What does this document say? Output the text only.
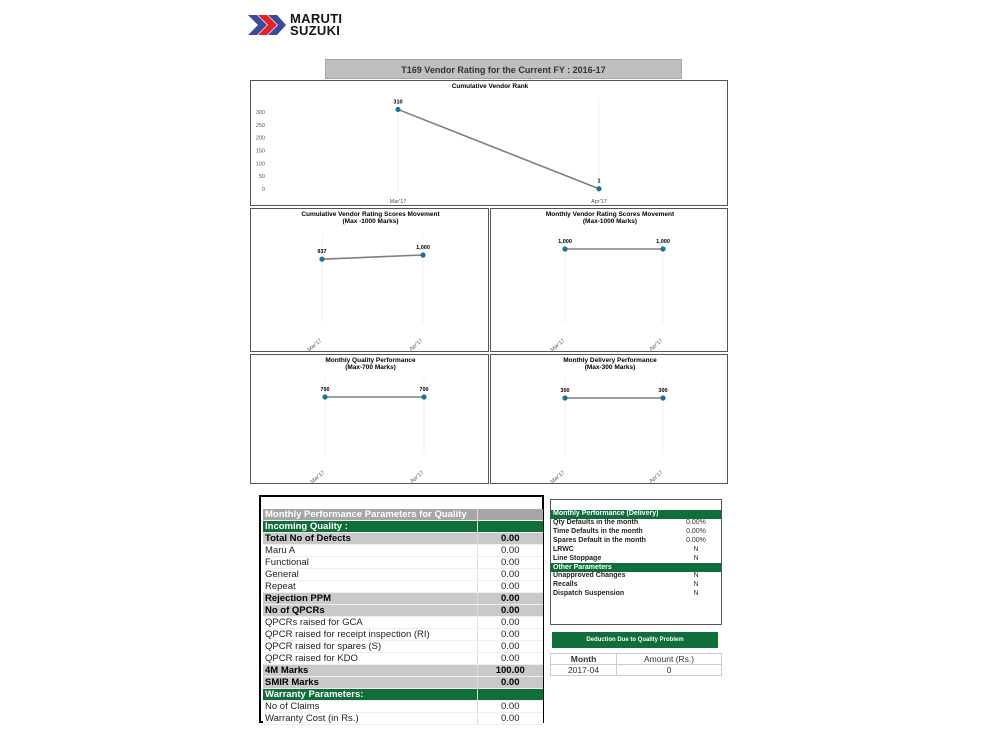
MARUTI
SUZUKI
T169 Vendor Rating for the Current FY : 2016-17
Cumulative Vendor Rank
300
250
200
150
100
50
0
310
1
Mar'17	Apr'17
Cumulative Vendor Rating Scores Movement
(Max -1000 Marks)
937
1,000
Mar'17	Apr'17
Monthly Vendor Rating Scores Movement
(Max-1000 Marks)
1,000	1,000
Mar'17	Apr'17
Monthly Quality Performance
(Max-700 Marks)
700	700
Mar'17	Apr'17
Monthly Delivery Performance
(Max-300 Marks)
300	300
Mar'17	Apr'17
Monthly Performance Parameters for Quality	
Incoming Quality :	
Total No of Defects	0.00
Maru A	0.00
Functional	0.00
General	0.00
Repeat	0.00
Rejection PPM	0.00
No of QPCRs	0.00
QPCRs raised for GCA	0.00
QPCR raised for receipt inspection (RI)	0.00
QPCR raised for spares (S)	0.00
QPCR raised for KDO	0.00
4M Marks	100.00
SMIR Marks	0.00
Warranty Parameters:	
No of Claims	0.00
Warranty Cost (in Rs.)	0.00
Monthly Performance (Delivery)	
Qty Defaults in the month	0.00%
Time Defaults in the month	0.00%
Spares Default in the month	0.00%
LRWC	N
Line Stoppage	N
Other Parameters	
Unapproved Changes	N
Recalls	N
Dispatch Suspension	N
Deduction Due to Quality Problem
Month	Amount (Rs.)
2017-04	0
